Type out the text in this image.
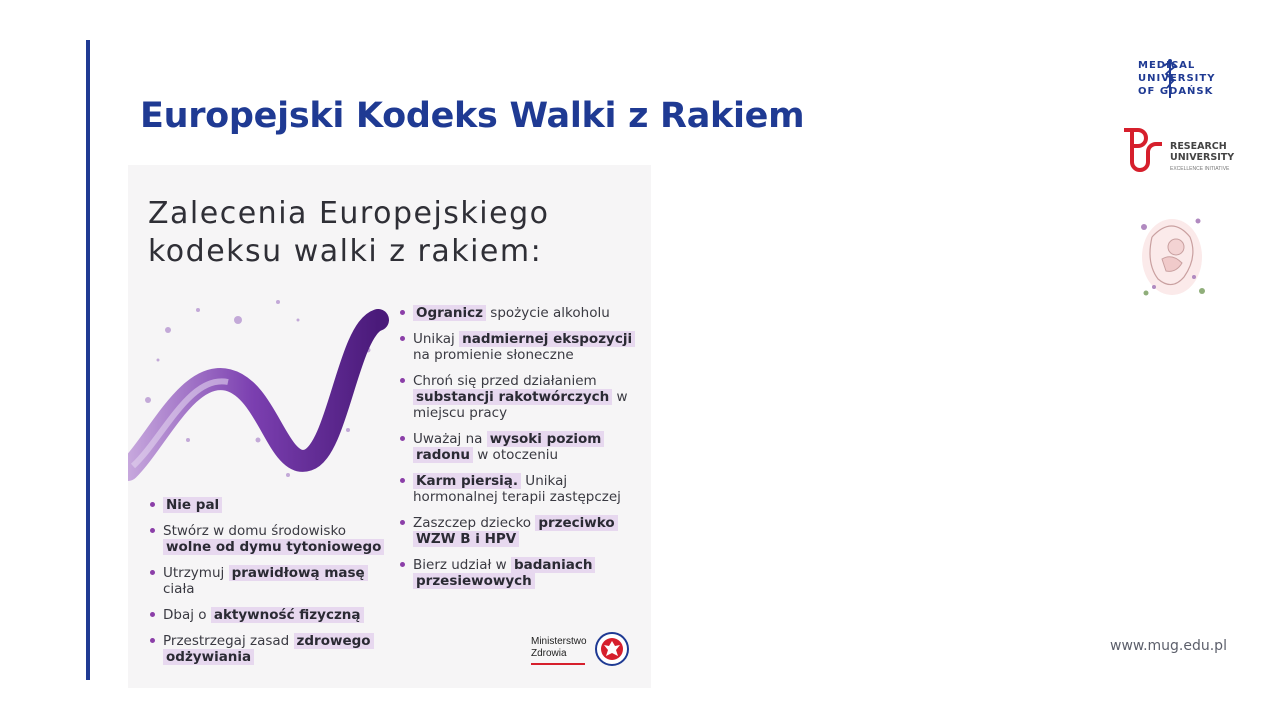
Europejski Kodeks Walki z Rakiem
MEDICAL
UNIVERSITY
OF GDAŃSK
RESEARCH
UNIVERSITY
EXCELLENCE INITIATIVE
Zalecenia Europejskiego
kodeksu walki z rakiem:
Nie pal
Stwórz w domu środowisko wolne od dymu tytoniowego
Utrzymuj prawidłową masę ciała
Dbaj o aktywność fizyczną
Przestrzegaj zasad zdrowego odżywiania
Ogranicz spożycie alkoholu
Unikaj nadmiernej ekspozycji na promienie słoneczne
Chroń się przed działaniem substancji rakotwórczych w miejscu pracy
Uważaj na wysoki poziom radonu w otoczeniu
Karm piersią. Unikaj hormonalnej terapii zastępczej
Zaszczep dziecko przeciwko WZW B i HPV
Bierz udział w badaniach przesiewowych
Ministerstwo
Zdrowia	www.mug.edu.pl
